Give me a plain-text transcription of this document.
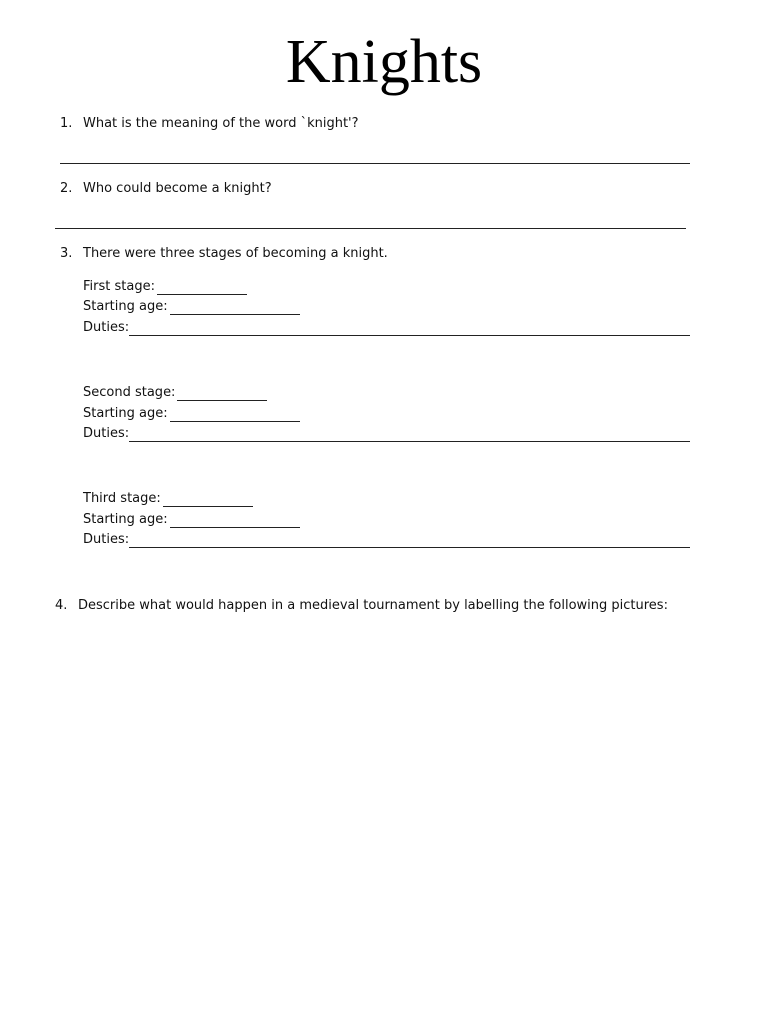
Knights
1. What is the meaning of the word `knight'?
2. Who could become a knight?
3. There were three stages of becoming a knight.
First stage:
Starting age:
Duties:
Second stage:
Starting age:
Duties:
Third stage:
Starting age:
Duties:
4. Describe what would happen in a medieval tournament by labelling the following pictures:
